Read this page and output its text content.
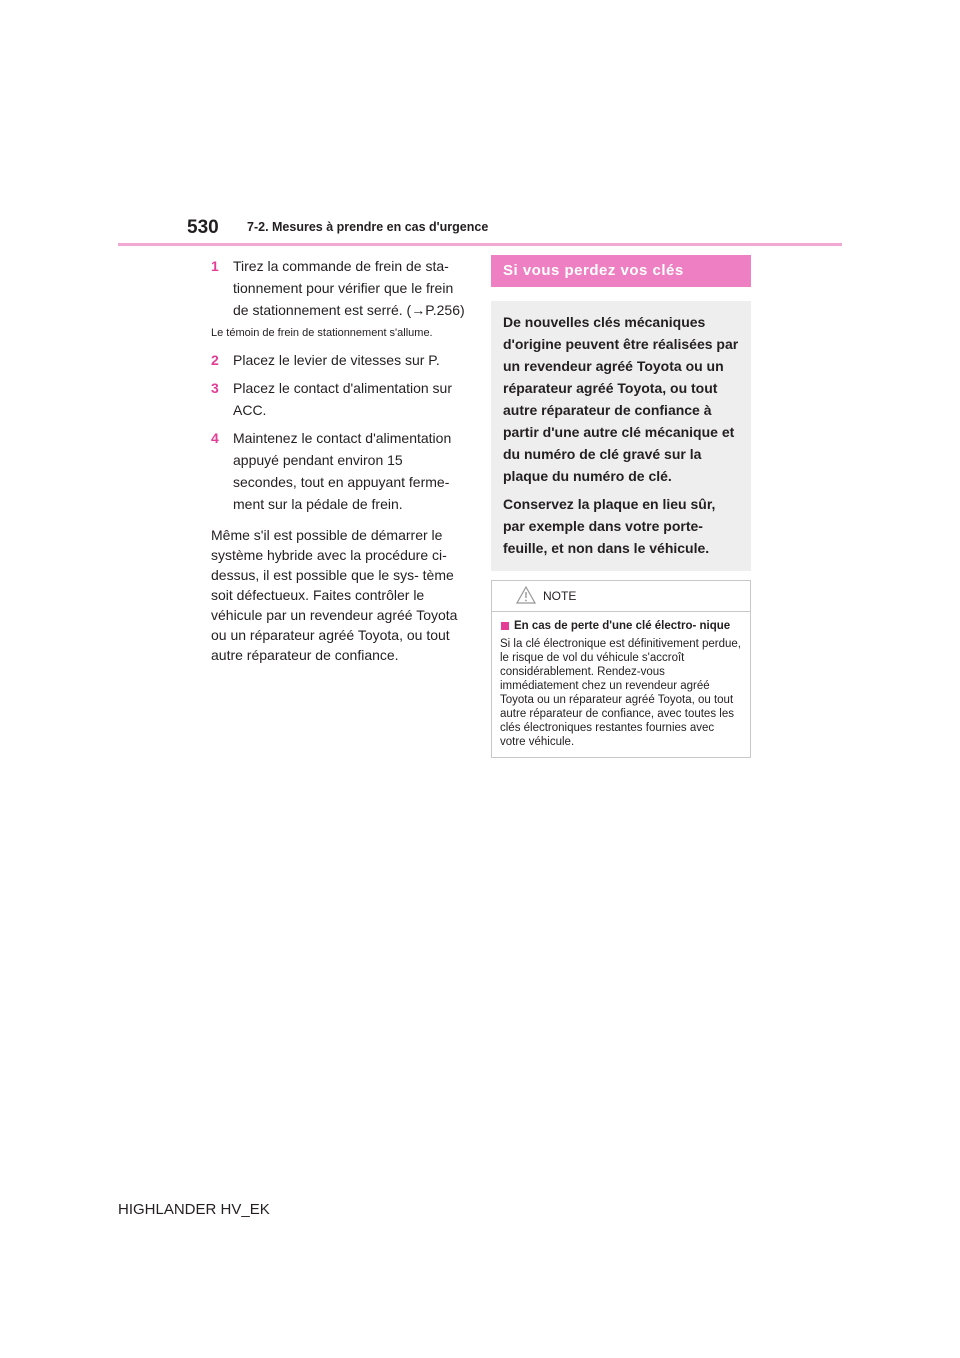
530 7-2. Mesures à prendre en cas d'urgence
1 Tirez la commande de frein de sta- tionnement pour vérifier que le frein de stationnement est serré. (→P.256)
Le témoin de frein de stationnement s'allume.
2 Placez le levier de vitesses sur P.
3 Placez le contact d'alimentation sur ACC.
4 Maintenez le contact d'alimentation appuyé pendant environ 15 secondes, tout en appuyant ferme- ment sur la pédale de frein.
Même s'il est possible de démarrer le système hybride avec la procédure ci-dessus, il est possible que le sys- tème soit défectueux. Faites contrôler le véhicule par un revendeur agréé Toyota ou un réparateur agréé Toyota, ou tout autre réparateur de confiance.
Si vous perdez vos clés

De nouvelles clés mécaniques d'origine peuvent être réalisées par un revendeur agréé Toyota ou un réparateur agréé Toyota, ou tout autre réparateur de confiance à partir d'une autre clé mécanique et du numéro de clé gravé sur la plaque du numéro de clé.

Conservez la plaque en lieu sûr, par exemple dans votre porte- feuille, et non dans le véhicule.

NOTE
En cas de perte d'une clé électro- nique
Si la clé électronique est définitivement perdue, le risque de vol du véhicule s'accroît considérablement. Rendez-vous immédiatement chez un revendeur agréé Toyota ou un réparateur agréé Toyota, ou tout autre réparateur de confiance, avec toutes les clés électroniques restantes fournies avec votre véhicule.
HIGHLANDER HV_EK
